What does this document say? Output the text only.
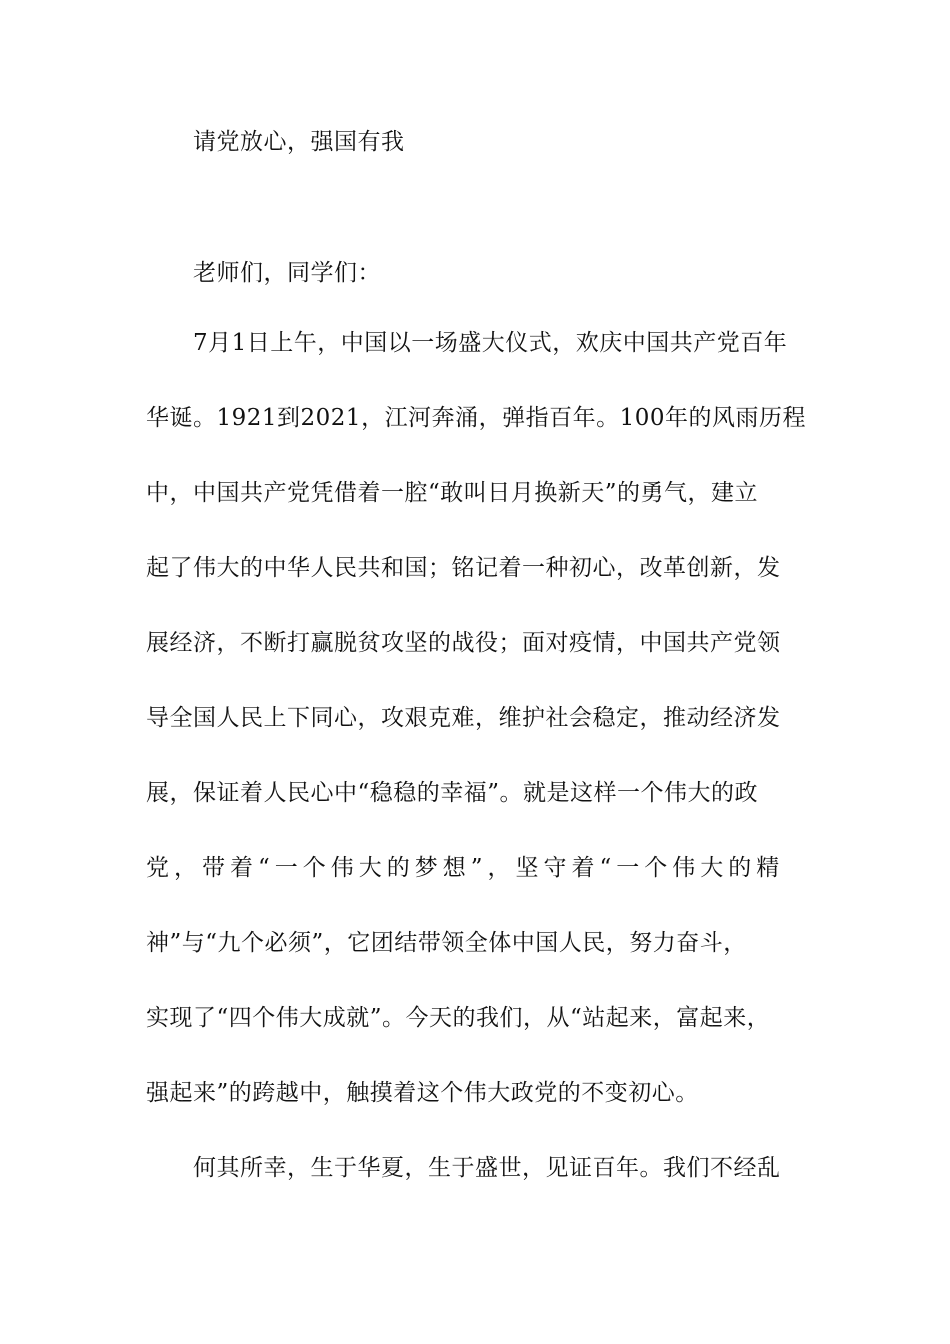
请党放心，强国有我
老师们，同学们：
7月1日上午，中国以一场盛大仪式，欢庆中国共产党百年
华诞。1921到2021，江河奔涌，弹指百年。100年的风雨历程
中，中国共产党凭借着一腔“敢叫日月换新天”的勇气，建立
起了伟大的中华人民共和国；铭记着一种初心，改革创新，发
展经济，不断打赢脱贫攻坚的战役；面对疫情，中国共产党领
导全国人民上下同心，攻艰克难，维护社会稳定，推动经济发
展，保证着人民心中“稳稳的幸福”。就是这样一个伟大的政
党，带着“一个伟大的梦想”，坚守着“一个伟大的精
神”与“九个必须”，它团结带领全体中国人民，努力奋斗，
实现了“四个伟大成就”。今天的我们，从“站起来，富起来，
强起来”的跨越中，触摸着这个伟大政党的不变初心。
何其所幸，生于华夏，生于盛世，见证百年。我们不经乱
